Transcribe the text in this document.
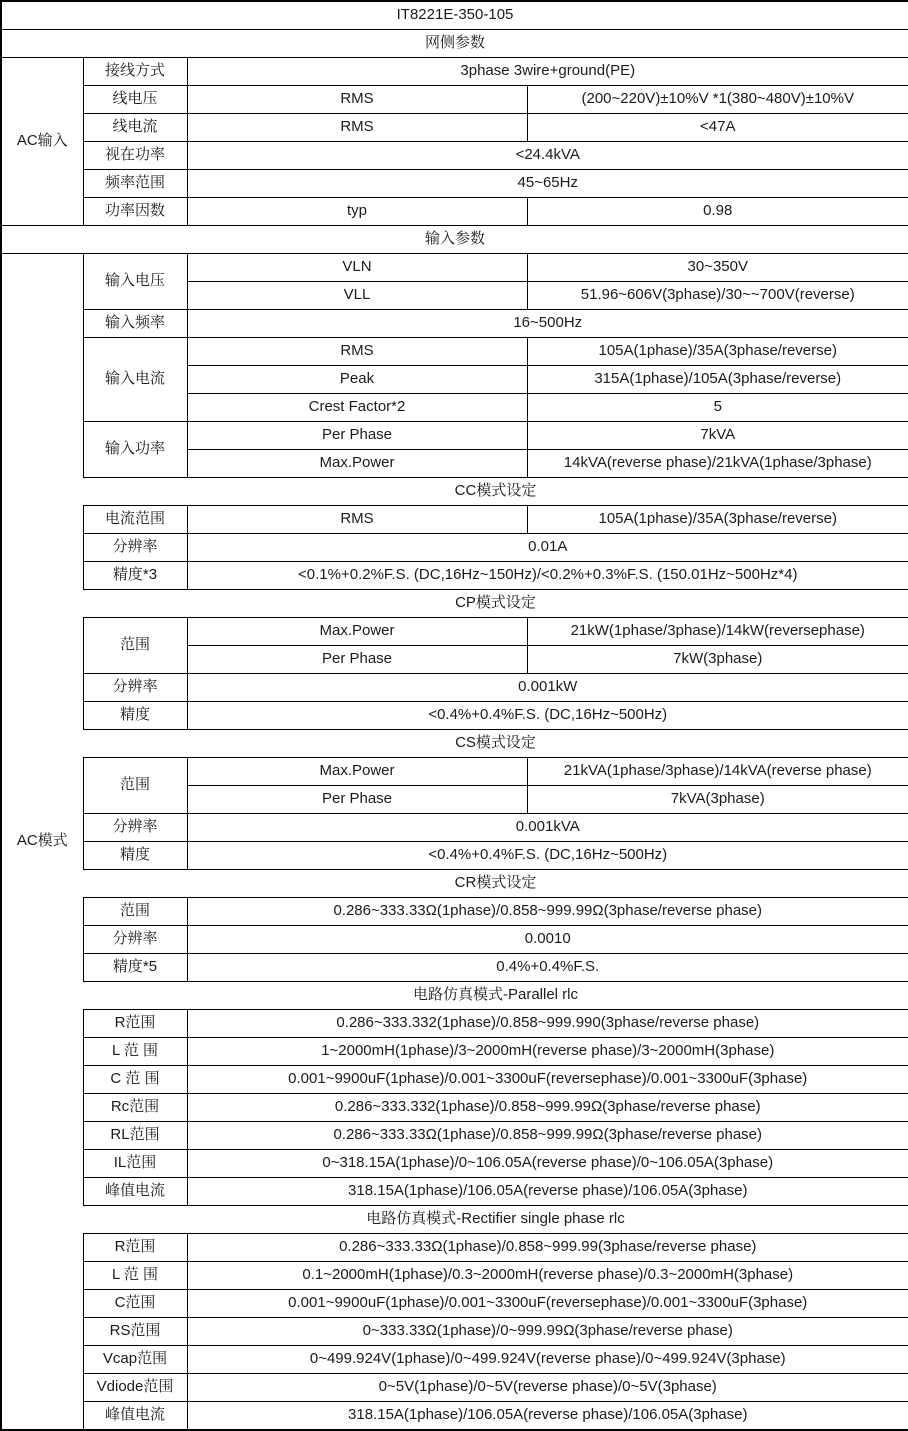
IT8221E-350-105			
网侧参数			
AC输入	接线方式	3phase 3wire+ground(PE)	
	线电压	RMS	(200~220V)±10%V *1(380~480V)±10%V
	线电流	RMS	<47A
	视在功率	<24.4kVA	
	频率范围	45~65Hz	
	功率因数	typ	0.98
输入参数			
AC模式	输入电压	VLN	30~350V
		VLL	51.96~606V(3phase)/30~~700V(reverse)
	输入频率	16~500Hz	
	输入电流	RMS	105A(1phase)/35A(3phase/reverse)
		Peak	315A(1phase)/105A(3phase/reverse)
		Crest Factor*2	5
	输入功率	Per Phase	7kVA
		Max.Power	14kVA(reverse phase)/21kVA(1phase/3phase)
	CC模式设定		
	电流范围	RMS	105A(1phase)/35A(3phase/reverse)
	分辨率	0.01A	
	精度*3	<0.1%+0.2%F.S. (DC,16Hz~150Hz)/<0.2%+0.3%F.S. (150.01Hz~500Hz*4)	
	CP模式设定		
	范围	Max.Power	21kW(1phase/3phase)/14kW(reversephase)
		Per Phase	7kW(3phase)
	分辨率	0.001kW	
	精度	<0.4%+0.4%F.S. (DC,16Hz~500Hz)	
	CS模式设定		
	范围	Max.Power	21kVA(1phase/3phase)/14kVA(reverse phase)
		Per Phase	7kVA(3phase)
	分辨率	0.001kVA	
	精度	<0.4%+0.4%F.S. (DC,16Hz~500Hz)	
	CR模式设定		
	范围	0.286~333.33Ω(1phase)/0.858~999.99Ω(3phase/reverse phase)	
	分辨率	0.0010	
	精度*5	0.4%+0.4%F.S.	
	电路仿真模式-Parallel rlc		
	R范围	0.286~333.332(1phase)/0.858~999.990(3phase/reverse phase)	
	L 范 围	1~2000mH(1phase)/3~2000mH(reverse phase)/3~2000mH(3phase)	
	C 范 围	0.001~9900uF(1phase)/0.001~3300uF(reversephase)/0.001~3300uF(3phase)	
	Rc范围	0.286~333.332(1phase)/0.858~999.99Ω(3phase/reverse phase)	
	RL范围	0.286~333.33Ω(1phase)/0.858~999.99Ω(3phase/reverse phase)	
	IL范围	0~318.15A(1phase)/0~106.05A(reverse phase)/0~106.05A(3phase)	
	峰值电流	318.15A(1phase)/106.05A(reverse phase)/106.05A(3phase)	
	电路仿真模式-Rectifier single phase rlc		
	R范围	0.286~333.33Ω(1phase)/0.858~999.99(3phase/reverse phase)	
	L 范 围	0.1~2000mH(1phase)/0.3~2000mH(reverse phase)/0.3~2000mH(3phase)	
	C范围	0.001~9900uF(1phase)/0.001~3300uF(reversephase)/0.001~3300uF(3phase)	
	RS范围	0~333.33Ω(1phase)/0~999.99Ω(3phase/reverse phase)	
	Vcap范围	0~499.924V(1phase)/0~499.924V(reverse phase)/0~499.924V(3phase)	
	Vdiode范围	0~5V(1phase)/0~5V(reverse phase)/0~5V(3phase)	
	峰值电流	318.15A(1phase)/106.05A(reverse phase)/106.05A(3phase)	
